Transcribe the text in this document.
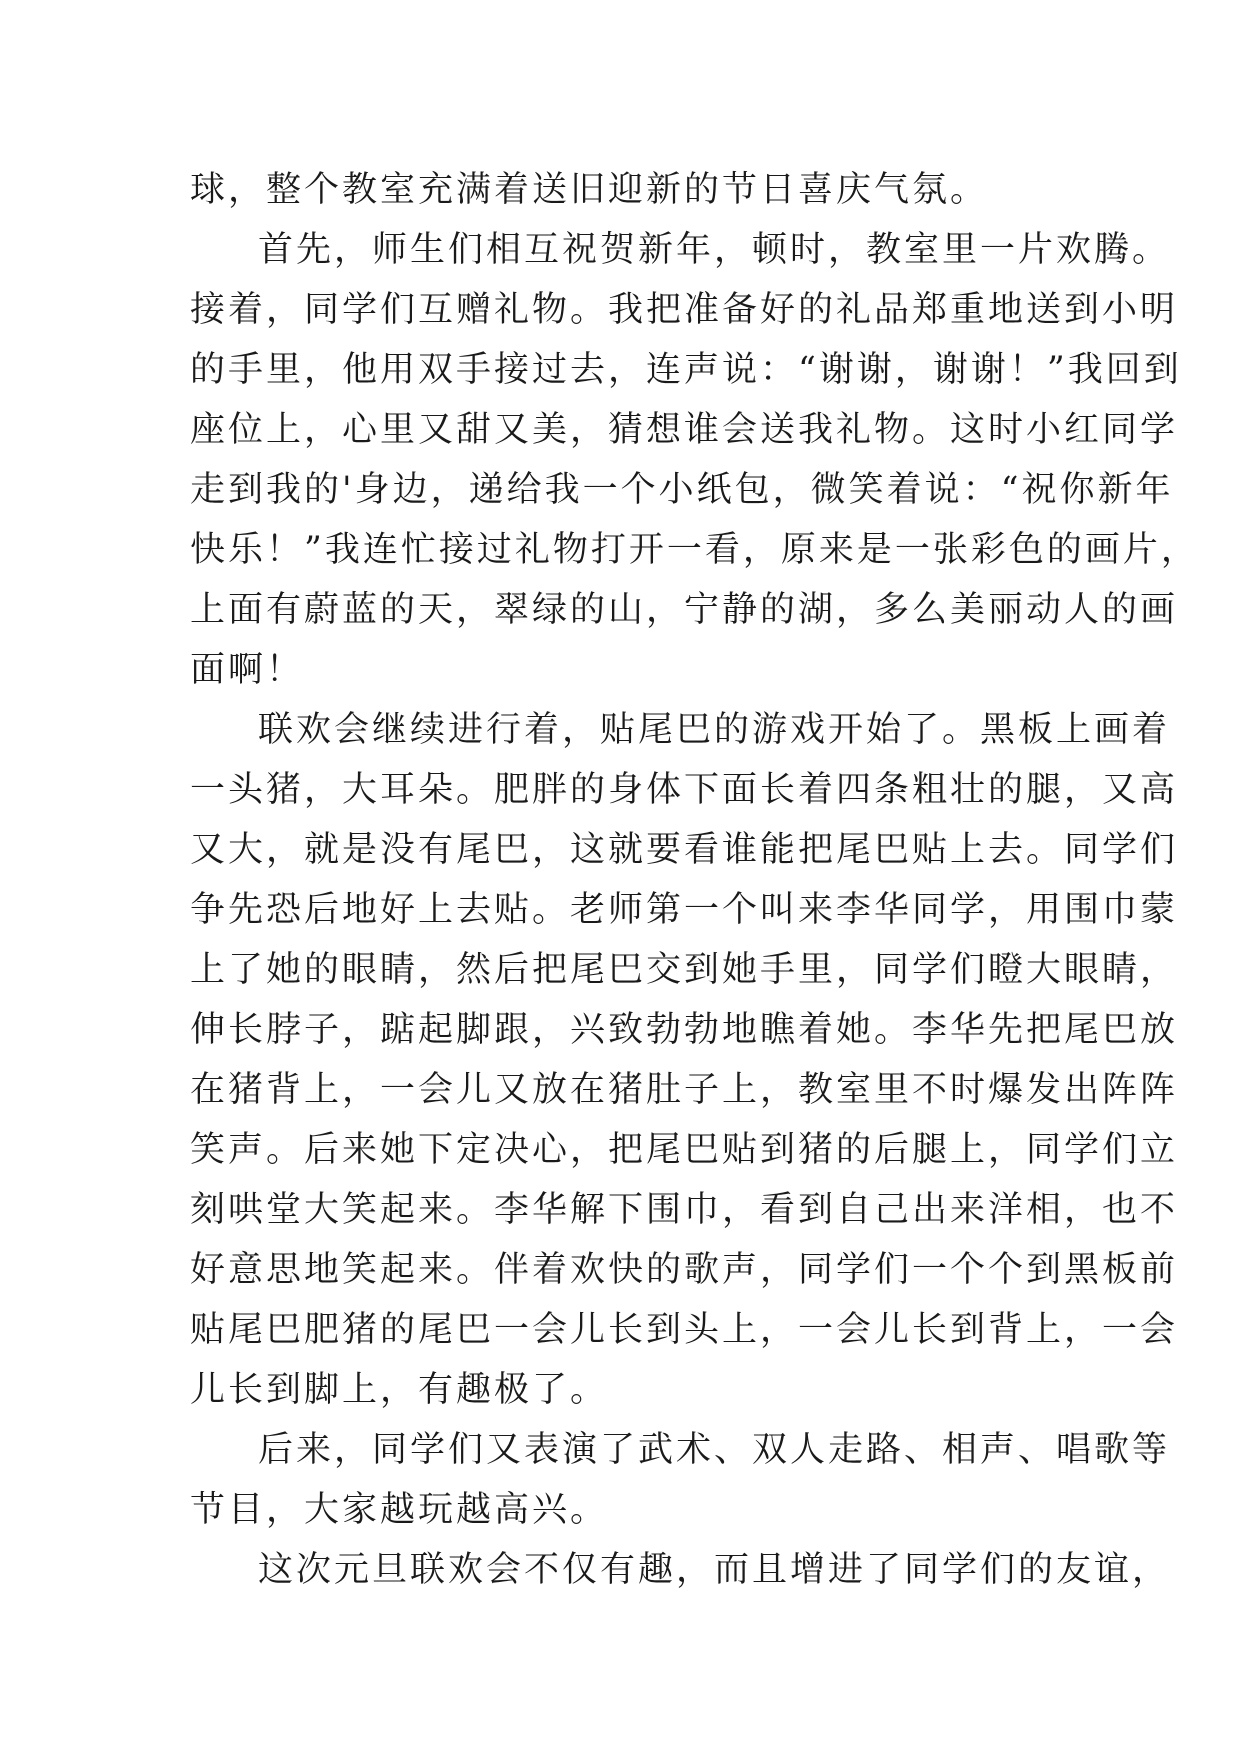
球，整个教室充满着送旧迎新的节日喜庆气氛。
首先，师生们相互祝贺新年，顿时，教室里一片欢腾。
接着，同学们互赠礼物。我把准备好的礼品郑重地送到小明
的手里，他用双手接过去，连声说：“谢谢，谢谢！”我回到
座位上，心里又甜又美，猜想谁会送我礼物。这时小红同学
走到我的'身边，递给我一个小纸包，微笑着说：“祝你新年
快乐！”我连忙接过礼物打开一看，原来是一张彩色的画片，
上面有蔚蓝的天，翠绿的山，宁静的湖，多么美丽动人的画
面啊！
联欢会继续进行着，贴尾巴的游戏开始了。黑板上画着
一头猪，大耳朵。肥胖的身体下面长着四条粗壮的腿，又高
又大，就是没有尾巴，这就要看谁能把尾巴贴上去。同学们
争先恐后地好上去贴。老师第一个叫来李华同学，用围巾蒙
上了她的眼睛，然后把尾巴交到她手里，同学们瞪大眼睛，
伸长脖子，踮起脚跟，兴致勃勃地瞧着她。李华先把尾巴放
在猪背上，一会儿又放在猪肚子上，教室里不时爆发出阵阵
笑声。后来她下定决心，把尾巴贴到猪的后腿上，同学们立
刻哄堂大笑起来。李华解下围巾，看到自己出来洋相，也不
好意思地笑起来。伴着欢快的歌声，同学们一个个到黑板前
贴尾巴肥猪的尾巴一会儿长到头上，一会儿长到背上，一会
儿长到脚上，有趣极了。
后来，同学们又表演了武术、双人走路、相声、唱歌等
节目，大家越玩越高兴。
这次元旦联欢会不仅有趣，而且增进了同学们的友谊，
